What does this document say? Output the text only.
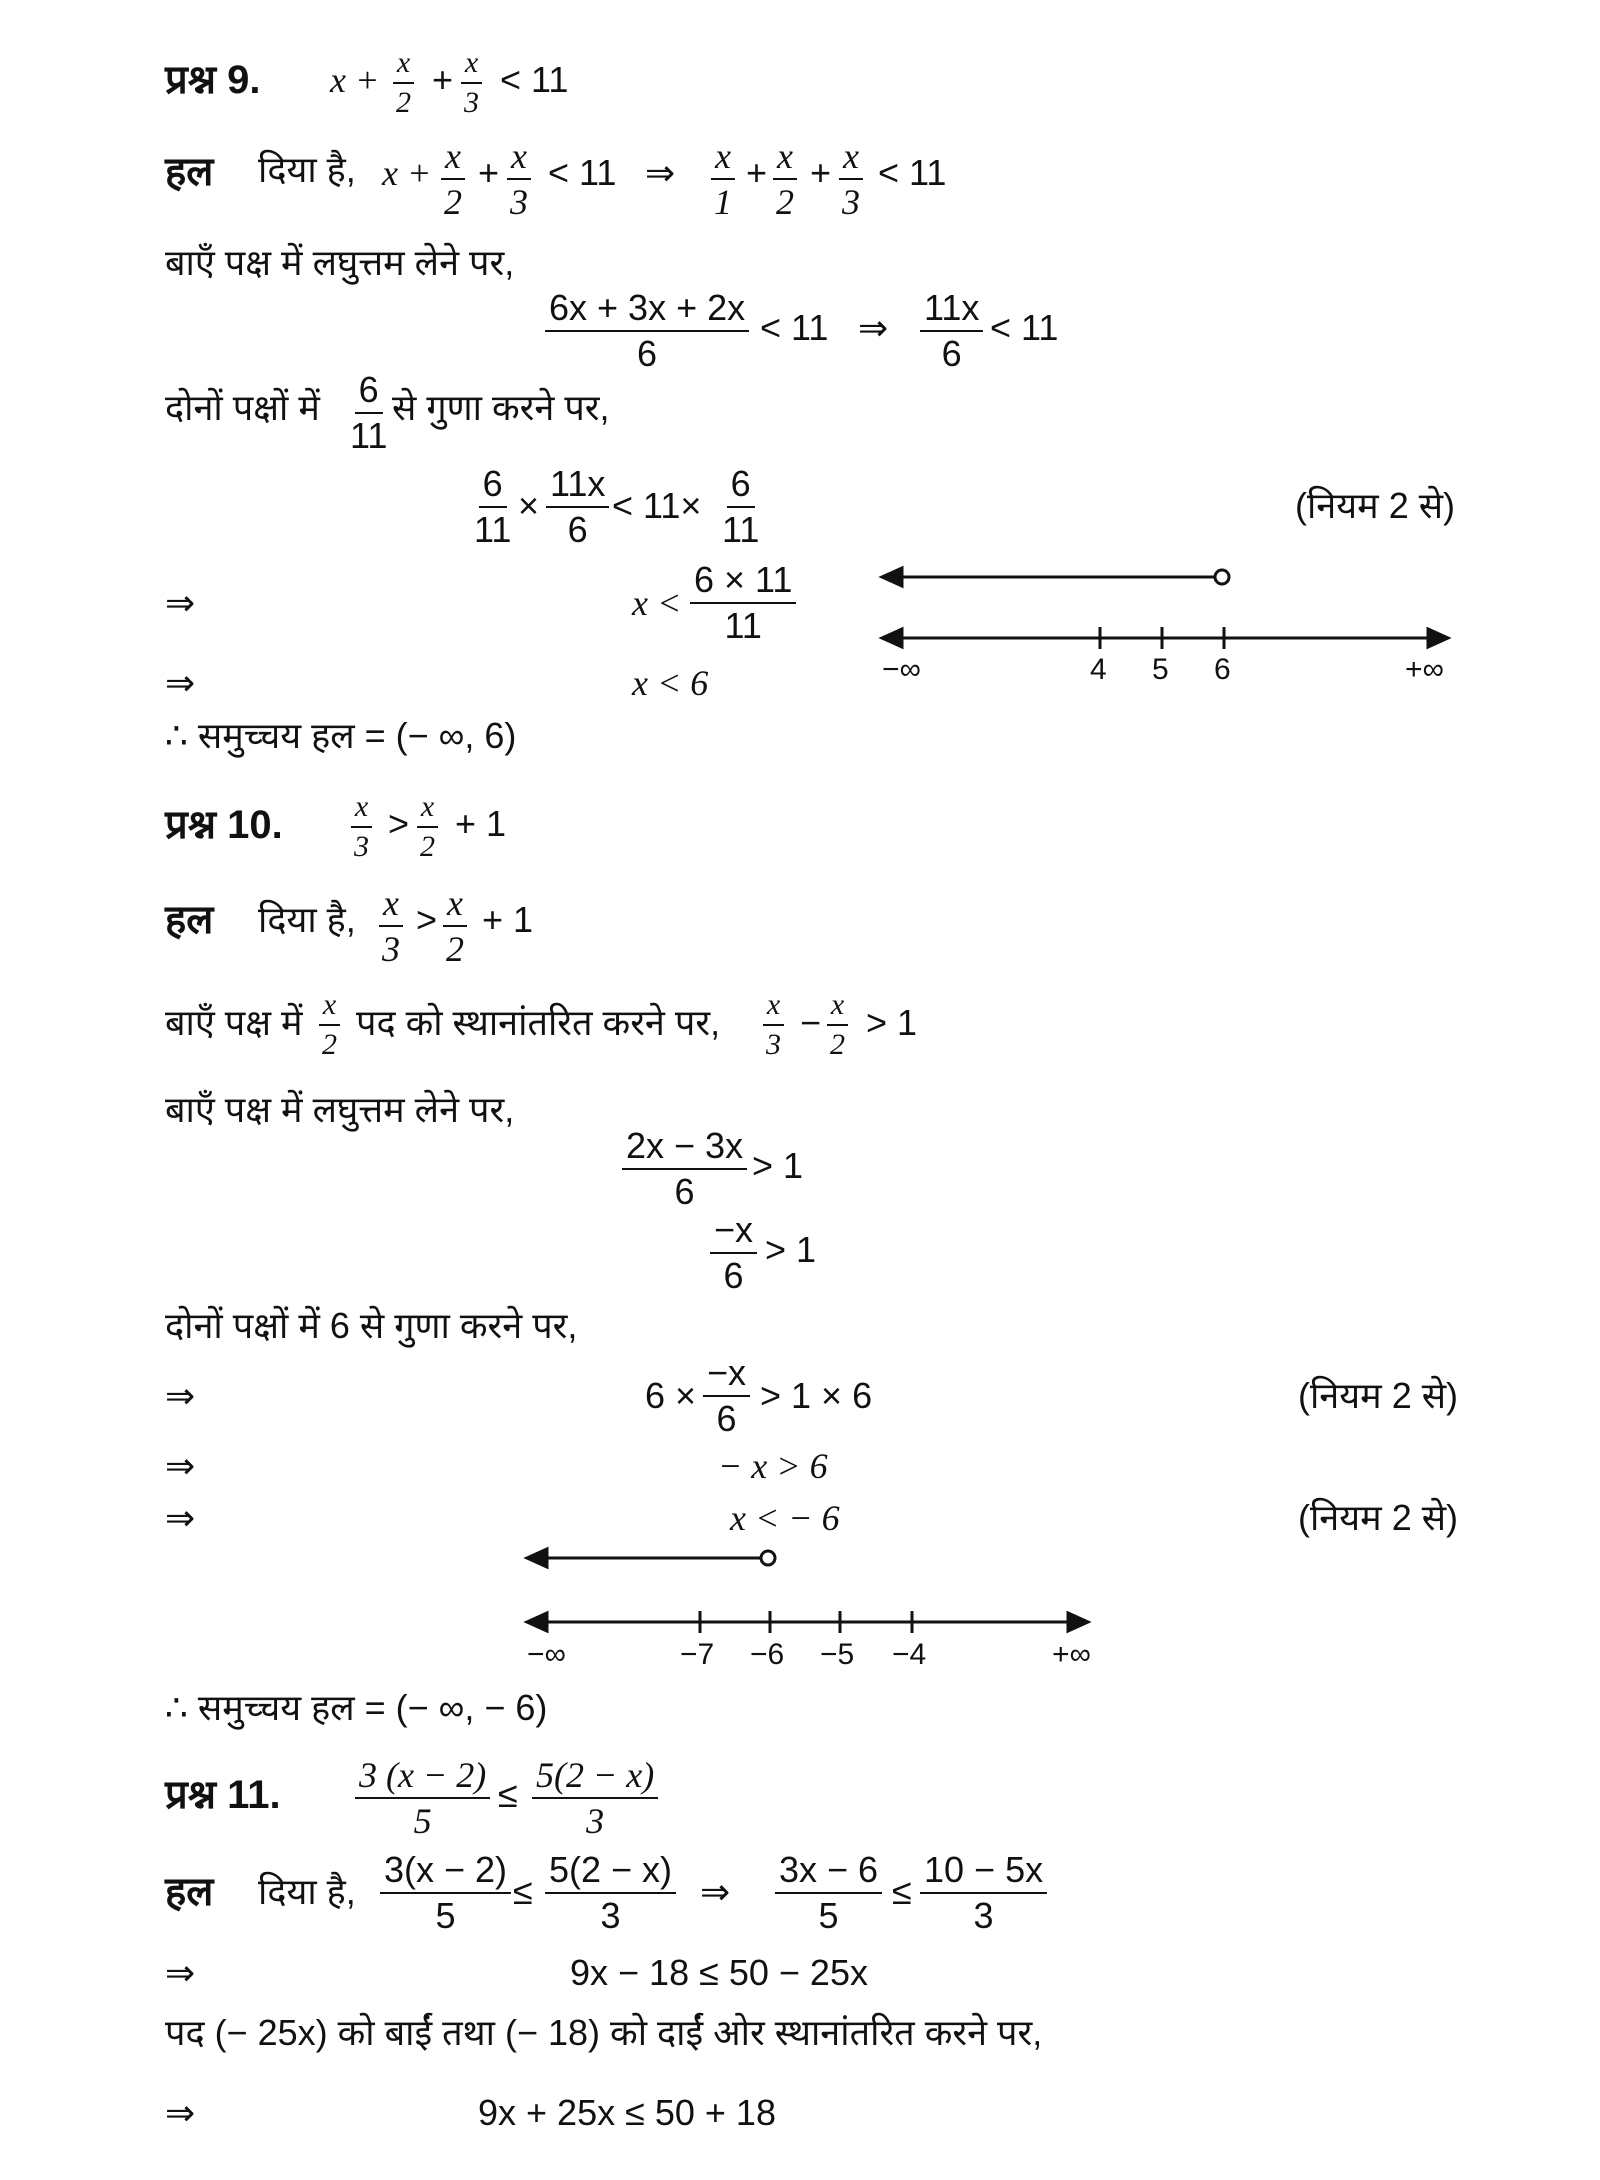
प्रश्न 9. $x + \frac{x}{2} + \frac{x}{3} < 11$
हल दिया है, $x + \frac{x}{2} + \frac{x}{3} < 11$ ⇒ $\frac{x}{1} + \frac{x}{2} + \frac{x}{3} < 11$
बाएँ पक्ष में लघुत्तम लेने पर,
$\frac{6x + 3x + 2x}{6} < 11$ ⇒ $\frac{11x}{6} < 11$
दोनों पक्षों में $\frac{6}{11}$ से गुणा करने पर,
$\frac{6}{11} \times \frac{11x}{6} < 11\times \frac{6}{11}$	(नियम 2 से)
⇒	$x < \frac{6 \times 11}{11}$
⇒	x < 6
∴ समुच्चय हल = (− ∞, 6)
−∞	4 5 6	+∞
प्रश्न 10. $\frac{x}{3} > \frac{x}{2} + 1$
हल दिया है, $\frac{x}{3} > \frac{x}{2} + 1$
बाएँ पक्ष में $\frac{x}{2}$ पद को स्थानांतरित करने पर, $\frac{x}{3} - \frac{x}{2} > 1$
बाएँ पक्ष में लघुत्तम लेने पर,
$\frac{2x - 3x}{6} > 1$
$\frac{-x}{6} > 1$
दोनों पक्षों में 6 से गुणा करने पर,
⇒	$6 \times \frac{-x}{6} > 1 \times 6$	(नियम 2 से)
⇒	− x > 6
⇒	x < − 6	(नियम 2 से)
∴ समुच्चय हल = (− ∞, − 6)
−∞	−7 −6 −5 −4	+∞
प्रश्न 11. $\frac{3 (x - 2)}{5} \le \frac{5(2 - x)}{3}$
हल दिया है, $\frac{3(x - 2)}{5} \le \frac{5(2 - x)}{3}$ ⇒ $\frac{3x - 6}{5} \le \frac{10 - 5x}{3}$
⇒	9x − 18 ≤ 50 − 25x
पद (− 25x) को बाईं तथा (− 18) को दाईं ओर स्थानांतरित करने पर,
⇒	9x + 25x ≤ 50 + 18
